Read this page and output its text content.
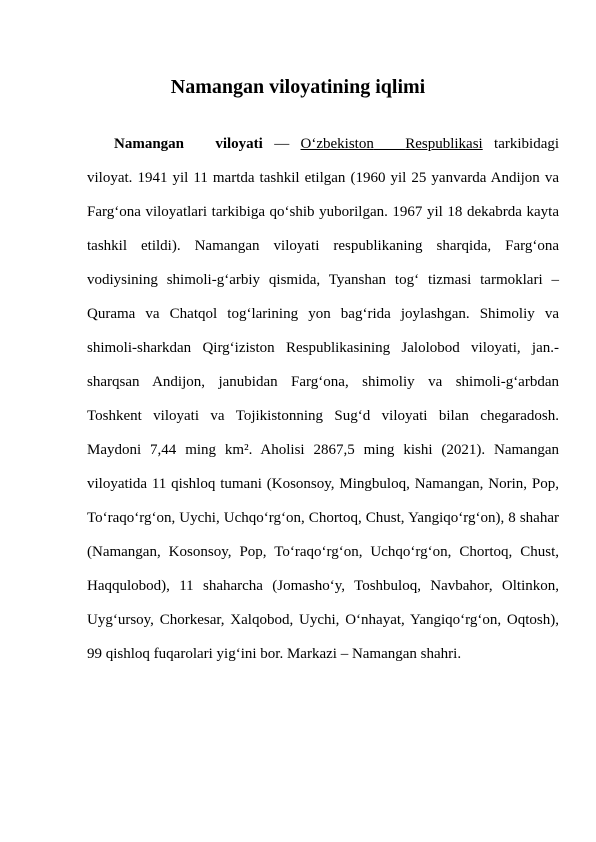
Namangan viloyatining iqlimi

Namangan viloyati — O‘zbekiston Respublikasi tarkibidagi viloyat. 1941 yil 11 martda tashkil etilgan (1960 yil 25 yanvarda Andijon va Farg‘ona viloyatlari tarkibiga qo‘shib yuborilgan. 1967 yil 18 dekabrda kayta tashkil etildi). Namangan viloyati respublikaning sharqida, Farg‘ona vodiysining shimoli-g‘arbiy qismida, Tyanshan tog‘ tizmasi tarmoklari – Qurama va Chatqol tog‘larining yon bag‘rida joylashgan. Shimoliy va shimoli-sharkdan Qirg‘iziston Respublikasining Jalolobod viloyati, jan.-sharqsan Andijon, janubidan Farg‘ona, shimoliy va shimoli-g‘arbdan Toshkent viloyati va Tojikistonning Sug‘d viloyati bilan chegaradosh. Maydoni 7,44 ming km². Aholisi 2867,5 ming kishi (2021). Namangan viloyatida 11 qishloq tumani (Kosonsoy, Mingbuloq, Namangan, Norin, Pop, To‘raqo‘rg‘on, Uychi, Uchqo‘rg‘on, Chortoq, Chust, Yangiqo‘rg‘on), 8 shahar (Namangan, Kosonsoy, Pop, To‘raqo‘rg‘on, Uchqo‘rg‘on, Chortoq, Chust, Haqqulobod), 11 shaharcha (Jomasho‘y, Toshbuloq, Navbahor, Oltinkon, Uyg‘ursoy, Chorkesar, Xalqobod, Uychi, O‘nhayat, Yangiqo‘rg‘on, Oqtosh), 99 qishloq fuqarolari yig‘ini bor. Markazi – Namangan shahri.
